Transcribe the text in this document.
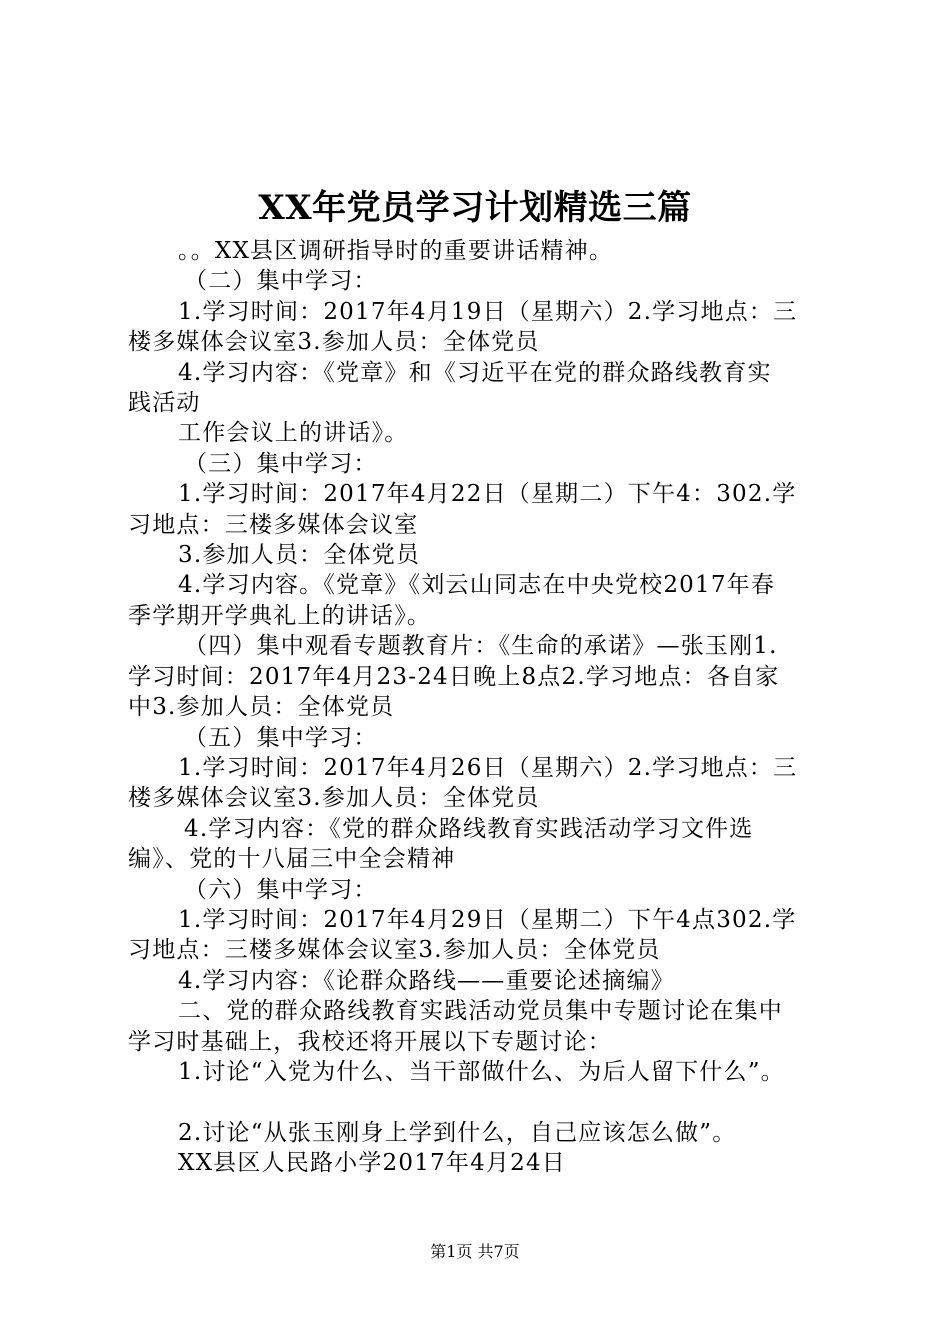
XX年党员学习计划精选三篇

。。XX县区调研指导时的重要讲话精神。

（二）集中学习：

1.学习时间：2017年4月19日（星期六）2.学习地点：三

楼多媒体会议室3.参加人员：全体党员

4.学习内容：《党章》和《习近平在党的群众路线教育实

践活动

工作会议上的讲话》。

（三）集中学习：

1.学习时间：2017年4月22日（星期二）下午4：302.学

习地点：三楼多媒体会议室

3.参加人员：全体党员

4.学习内容。《党章》《刘云山同志在中央党校2017年春

季学期开学典礼上的讲话》。

（四）集中观看专题教育片：《生命的承诺》—张玉刚1.

学习时间：2017年4月23-24日晚上8点2.学习地点：各自家

中3.参加人员：全体党员

（五）集中学习：

1.学习时间：2017年4月26日（星期六）2.学习地点：三

楼多媒体会议室3.参加人员：全体党员

4.学习内容：《党的群众路线教育实践活动学习文件选

编》、党的十八届三中全会精神

（六）集中学习：

1.学习时间：2017年4月29日（星期二）下午4点302.学

习地点：三楼多媒体会议室3.参加人员：全体党员

4.学习内容：《论群众路线——重要论述摘编》

二、党的群众路线教育实践活动党员集中专题讨论在集中

学习时基础上，我校还将开展以下专题讨论：

1.讨论“入党为什么、当干部做什么、为后人留下什么”。

2.讨论“从张玉刚身上学到什么，自己应该怎么做”。

XX县区人民路小学2017年4月24日

第1页 共7页
